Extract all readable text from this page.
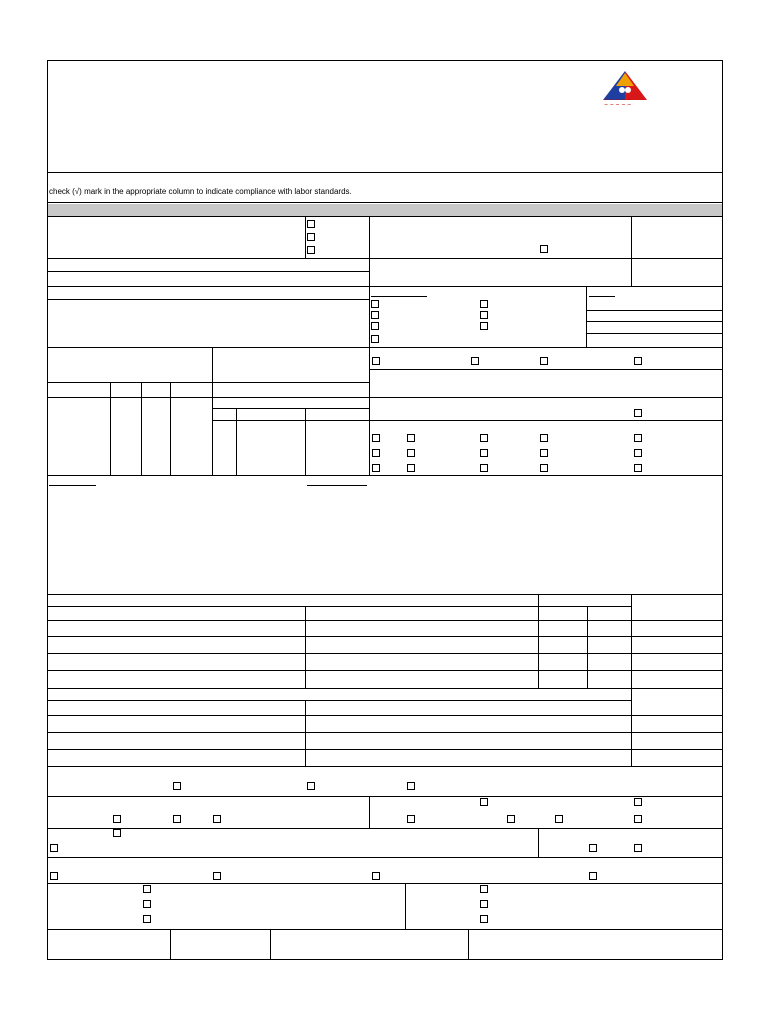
~ ~ ~ ~ ~
~ ~ ~ ~ ~
check (√) mark in the appropriate column to indicate compliance with labor standards.
